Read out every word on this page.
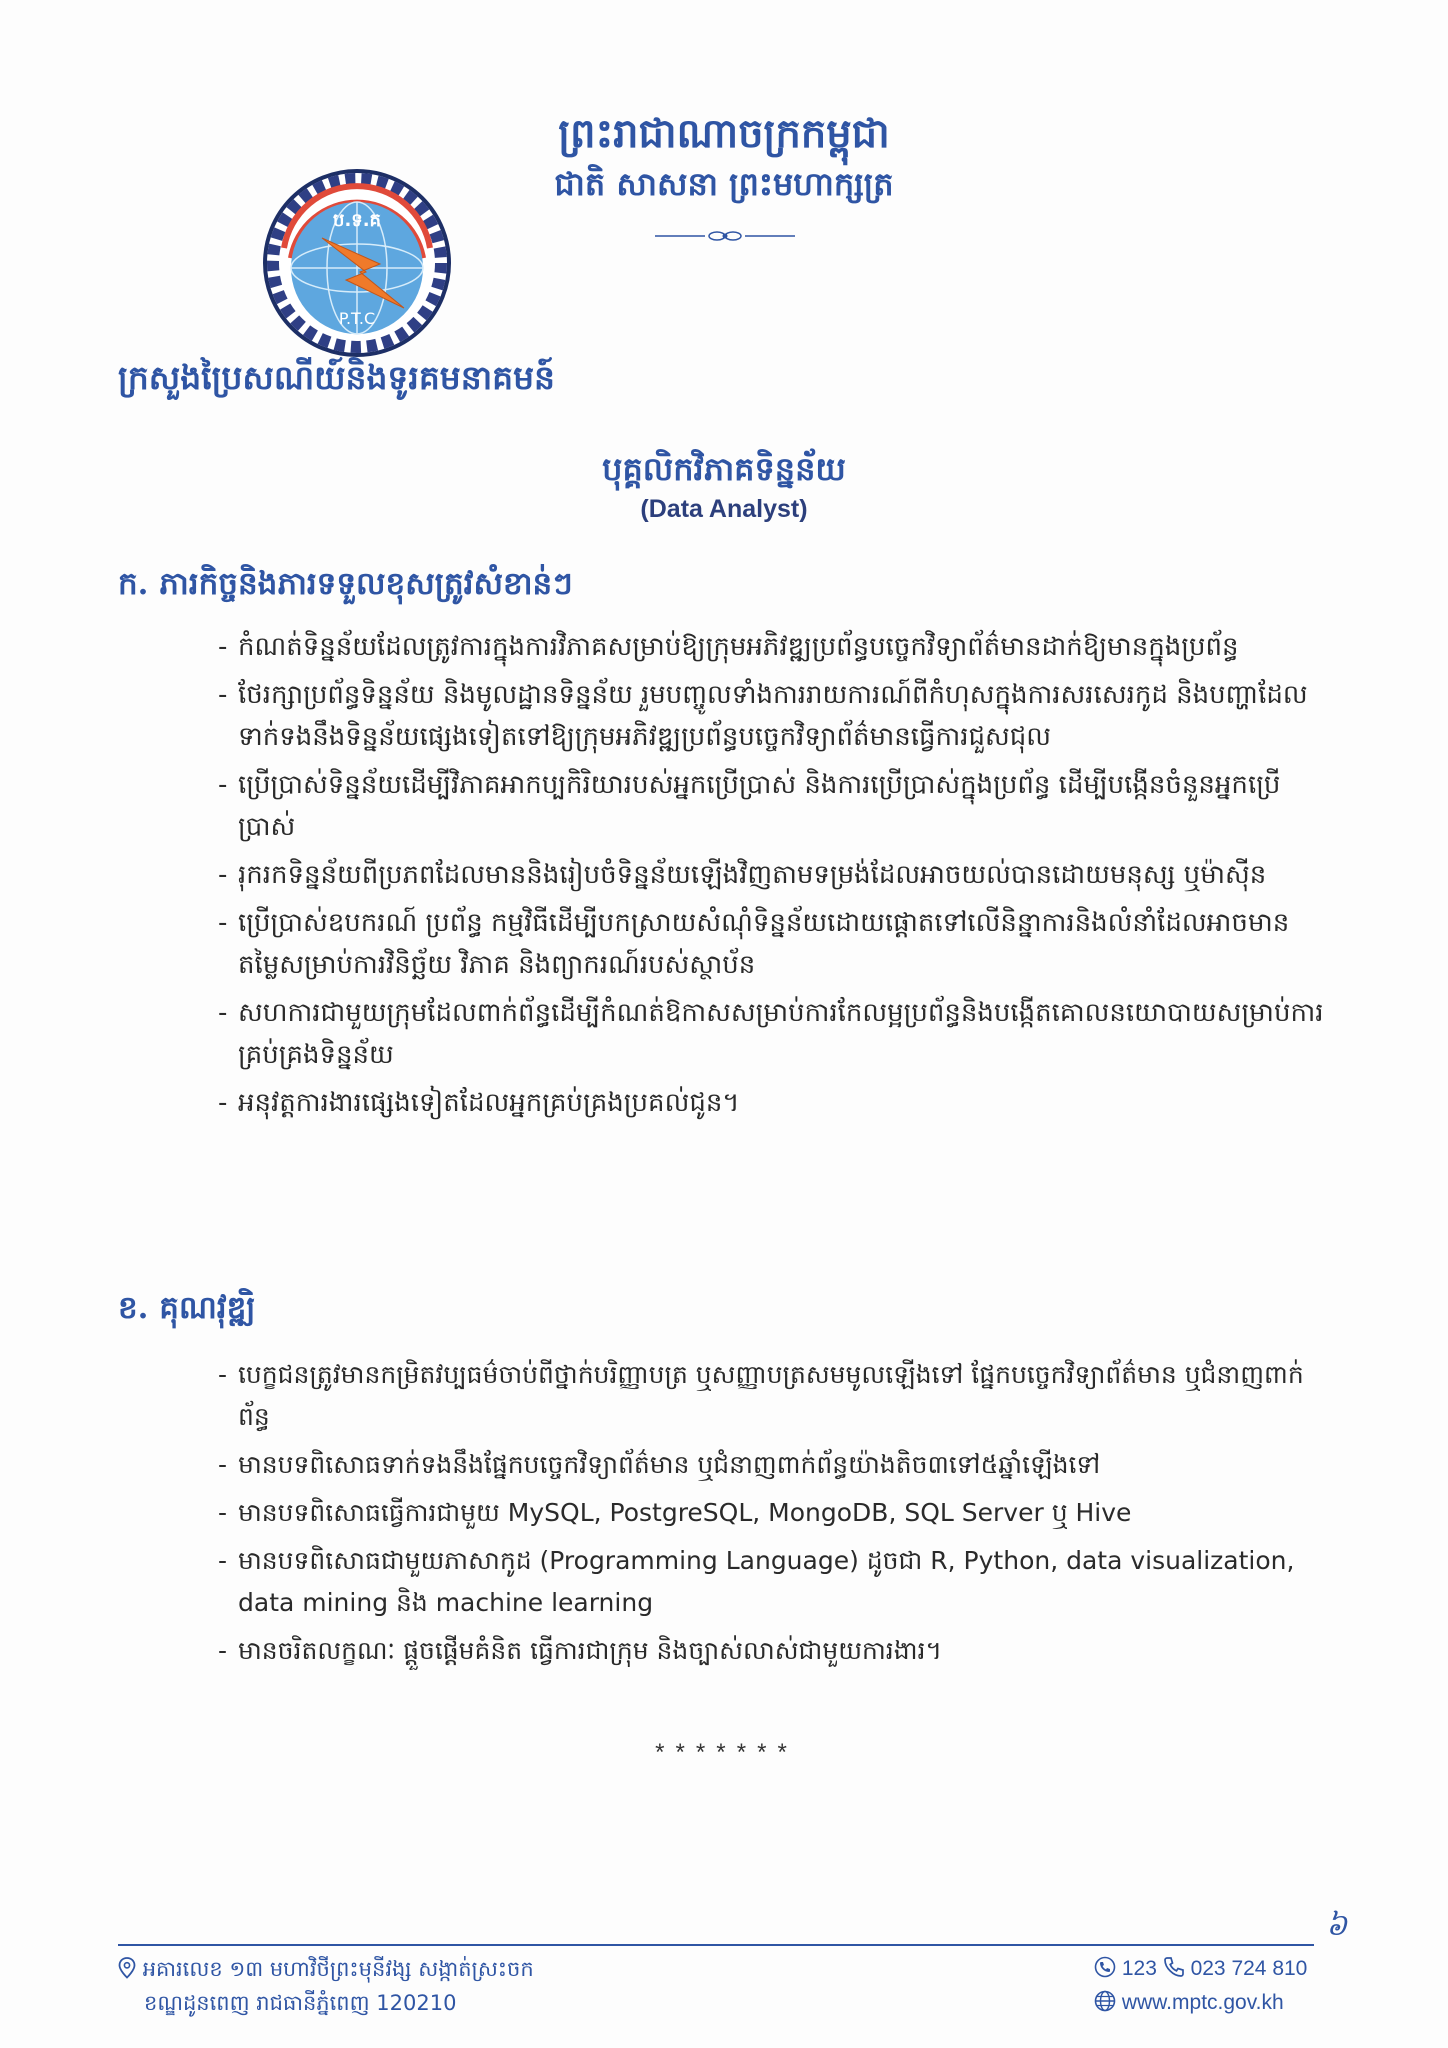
ព្រះរាជាណាចក្រកម្ពុជា
ជាតិ សាសនា ព្រះមហាក្សត្រ
ប.ទ.គ
P.T.C
ក្រសួងប្រៃសណីយ៍និងទូរគមនាគមន៍
បុគ្គលិកវិភាគទិន្នន័យ
(Data Analyst)
ក. ភារកិច្ចនិងភារទទួលខុសត្រូវសំខាន់ៗ
- កំណត់ទិន្នន័យដែលត្រូវការក្នុងការវិភាគសម្រាប់ឱ្យក្រុមអភិវឌ្ឍប្រព័ន្ធបច្ចេកវិទ្យាព័ត៌មានដាក់ឱ្យមានក្នុងប្រព័ន្ធ
- ថែរក្សាប្រព័ន្ធទិន្នន័យ និងមូលដ្ឋានទិន្នន័យ រួមបញ្ចូលទាំងការរាយការណ៍ពីកំហុសក្នុងការសរសេរកូដ និងបញ្ហាដែលទាក់ទងនឹងទិន្នន័យផ្សេងទៀតទៅឱ្យក្រុមអភិវឌ្ឍប្រព័ន្ធបច្ចេកវិទ្យាព័ត៌មានធ្វើការជួសជុល
- ប្រើប្រាស់ទិន្នន័យដើម្បីវិភាគអាកប្បកិរិយារបស់អ្នកប្រើប្រាស់ និងការប្រើប្រាស់ក្នុងប្រព័ន្ធ ដើម្បីបង្កើនចំនួនអ្នកប្រើប្រាស់
- រុករកទិន្នន័យពីប្រភពដែលមាននិងរៀបចំទិន្នន័យឡើងវិញតាមទម្រង់ដែលអាចយល់បានដោយមនុស្ស ឬម៉ាស៊ីន
- ប្រើប្រាស់ឧបករណ៍ ប្រព័ន្ធ កម្មវិធីដើម្បីបកស្រាយសំណុំទិន្នន័យដោយផ្ដោតទៅលើនិន្នាការនិងលំនាំដែលអាចមានតម្លៃសម្រាប់ការវិនិច្ឆ័យ វិភាគ និងព្យាករណ៍របស់ស្ថាប័ន
- សហការជាមួយក្រុមដែលពាក់ព័ន្ធដើម្បីកំណត់ឱកាសសម្រាប់ការកែលម្អប្រព័ន្ធនិងបង្កើតគោលនយោបាយសម្រាប់ការគ្រប់គ្រងទិន្នន័យ
- អនុវត្តការងារផ្សេងទៀតដែលអ្នកគ្រប់គ្រងប្រគល់ជូន។
ខ. គុណវុឌ្ឍិ
- បេក្ខជនត្រូវមានកម្រិតវប្បធម៌ចាប់ពីថ្នាក់បរិញ្ញាបត្រ ឬសញ្ញាបត្រសមមូលឡើងទៅ ផ្នែកបច្ចេកវិទ្យាព័ត៌មាន ឬជំនាញពាក់ព័ន្ធ
- មានបទពិសោធទាក់ទងនឹងផ្នែកបច្ចេកវិទ្យាព័ត៌មាន ឬជំនាញពាក់ព័ន្ធយ៉ាងតិច៣ទៅ៥ឆ្នាំឡើងទៅ
- មានបទពិសោធធ្វើការជាមួយ MySQL, PostgreSQL, MongoDB, SQL Server ឬ Hive
- មានបទពិសោធជាមួយភាសាកូដ (Programming Language) ដូចជា R, Python, data visualization, data mining និង machine learning
- មានចរិតលក្ខណៈ ផ្តួចផ្តើមគំនិត ធ្វើការជាក្រុម និងច្បាស់លាស់ជាមួយការងារ។
*******
៦
អគារលេខ ១៣ មហាវិថីព្រះមុនីវង្ស សង្កាត់ស្រះចក
ខណ្ឌដូនពេញ រាជធានីភ្នំពេញ 120210
123 023 724 810
www.mptc.gov.kh
